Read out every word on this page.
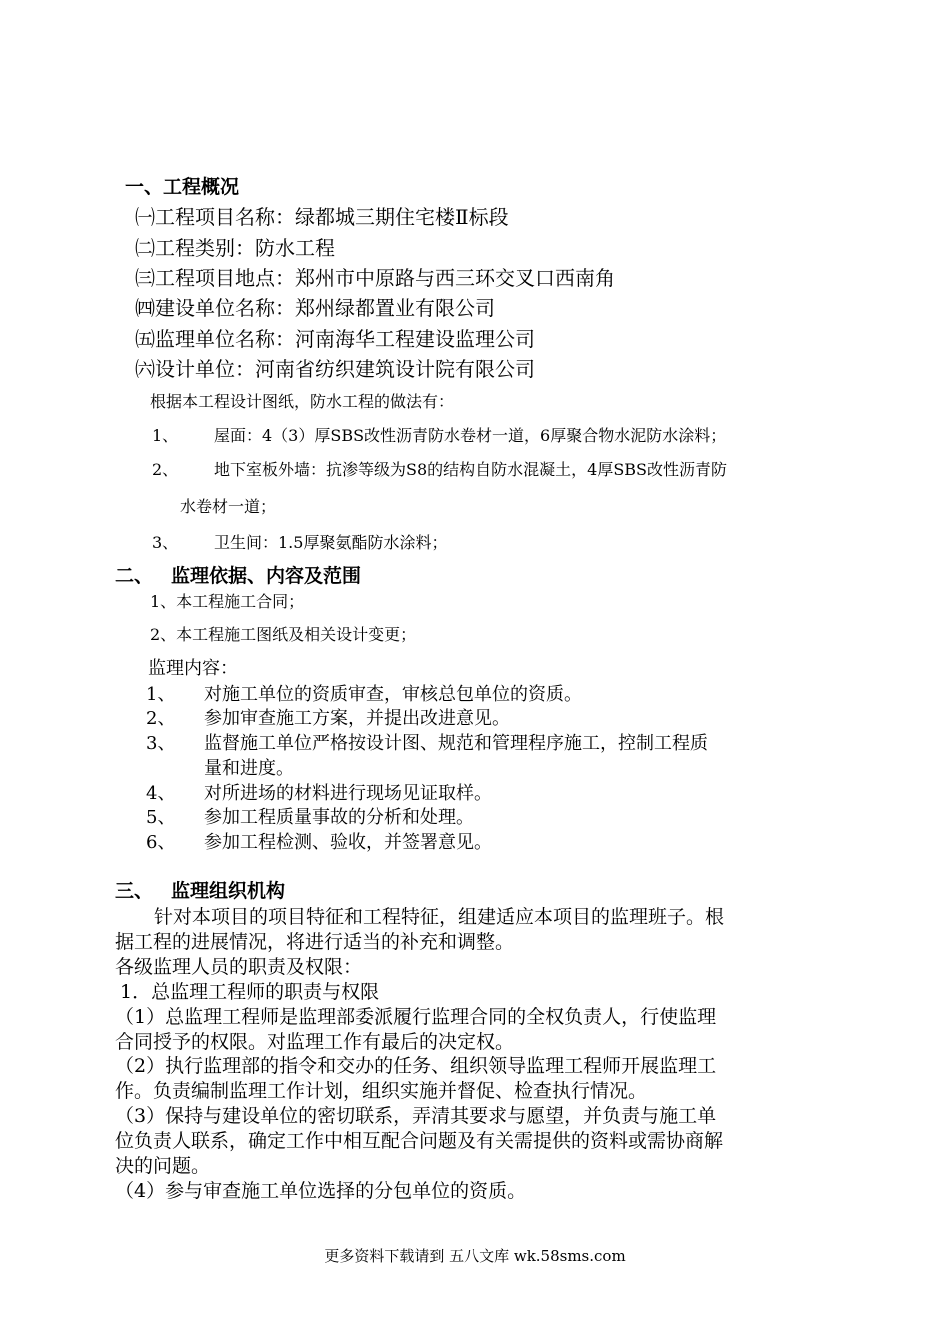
一、工程概况
㈠工程项目名称：绿都城三期住宅楼Ⅱ标段
㈡工程类别：防水工程
㈢工程项目地点：郑州市中原路与西三环交叉口西南角
㈣建设单位名称：郑州绿都置业有限公司
㈤监理单位名称：河南海华工程建设监理公司
㈥设计单位：河南省纺织建筑设计院有限公司
根据本工程设计图纸，防水工程的做法有：
1、 屋面：4（3）厚SBS改性沥青防水卷材一道，6厚聚合物水泥防水涂料；
2、 地下室板外墙：抗渗等级为S8的结构自防水混凝土，4厚SBS改性沥青防
水卷材一道；
3、 卫生间：1.5厚聚氨酯防水涂料；
二、 监理依据、内容及范围
1、本工程施工合同；
2、本工程施工图纸及相关设计变更；
监理内容：
1、 对施工单位的资质审查，审核总包单位的资质。
2、 参加审查施工方案，并提出改进意见。
3、 监督施工单位严格按设计图、规范和管理程序施工，控制工程质
量和进度。
4、 对所进场的材料进行现场见证取样。
5、 参加工程质量事故的分析和处理。
6、 参加工程检测、验收，并签署意见。
三、 监理组织机构
针对本项目的项目特征和工程特征，组建适应本项目的监理班子。根
据工程的进展情况，将进行适当的补充和调整。
各级监理人员的职责及权限：
1．总监理工程师的职责与权限
（1）总监理工程师是监理部委派履行监理合同的全权负责人，行使监理
合同授予的权限。对监理工作有最后的决定权。
（2）执行监理部的指令和交办的任务、组织领导监理工程师开展监理工
作。负责编制监理工作计划，组织实施并督促、检查执行情况。
（3）保持与建设单位的密切联系，弄清其要求与愿望，并负责与施工单
位负责人联系，确定工作中相互配合问题及有关需提供的资料或需协商解
决的问题。
（4）参与审查施工单位选择的分包单位的资质。
更多资料下载请到 五八文库 wk.58sms.com
